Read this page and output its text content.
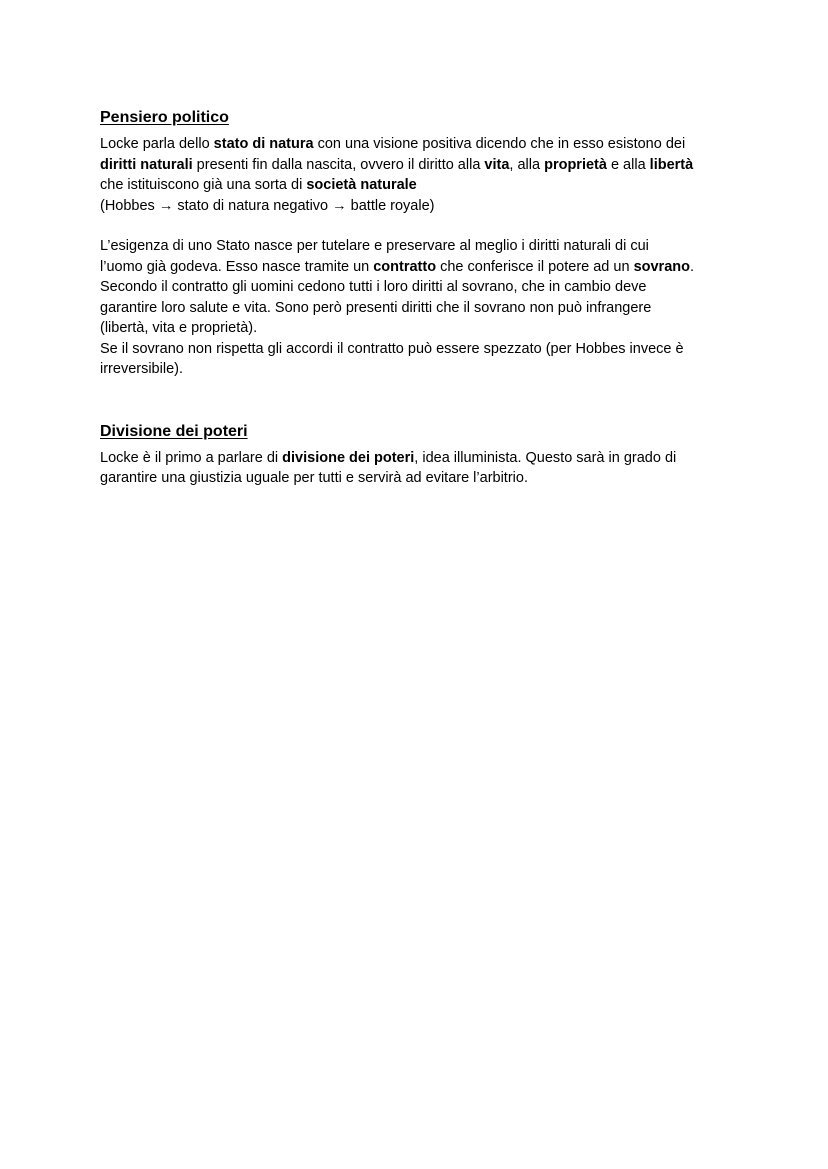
Pensiero politico

Locke parla dello stato di natura con una visione positiva dicendo che in esso esistono dei
diritti naturali presenti fin dalla nascita, ovvero il diritto alla vita, alla proprietà e alla libertà
che istituiscono già una sorta di società naturale
(Hobbes → stato di natura negativo → battle royale)

L’esigenza di uno Stato nasce per tutelare e preservare al meglio i diritti naturali di cui
l’uomo già godeva. Esso nasce tramite un contratto che conferisce il potere ad un sovrano.
Secondo il contratto gli uomini cedono tutti i loro diritti al sovrano, che in cambio deve
garantire loro salute e vita. Sono però presenti diritti che il sovrano non può infrangere
(libertà, vita e proprietà).
Se il sovrano non rispetta gli accordi il contratto può essere spezzato (per Hobbes invece è
irreversibile).

Divisione dei poteri

Locke è il primo a parlare di divisione dei poteri, idea illuminista. Questo sarà in grado di
garantire una giustizia uguale per tutti e servirà ad evitare l’arbitrio.
